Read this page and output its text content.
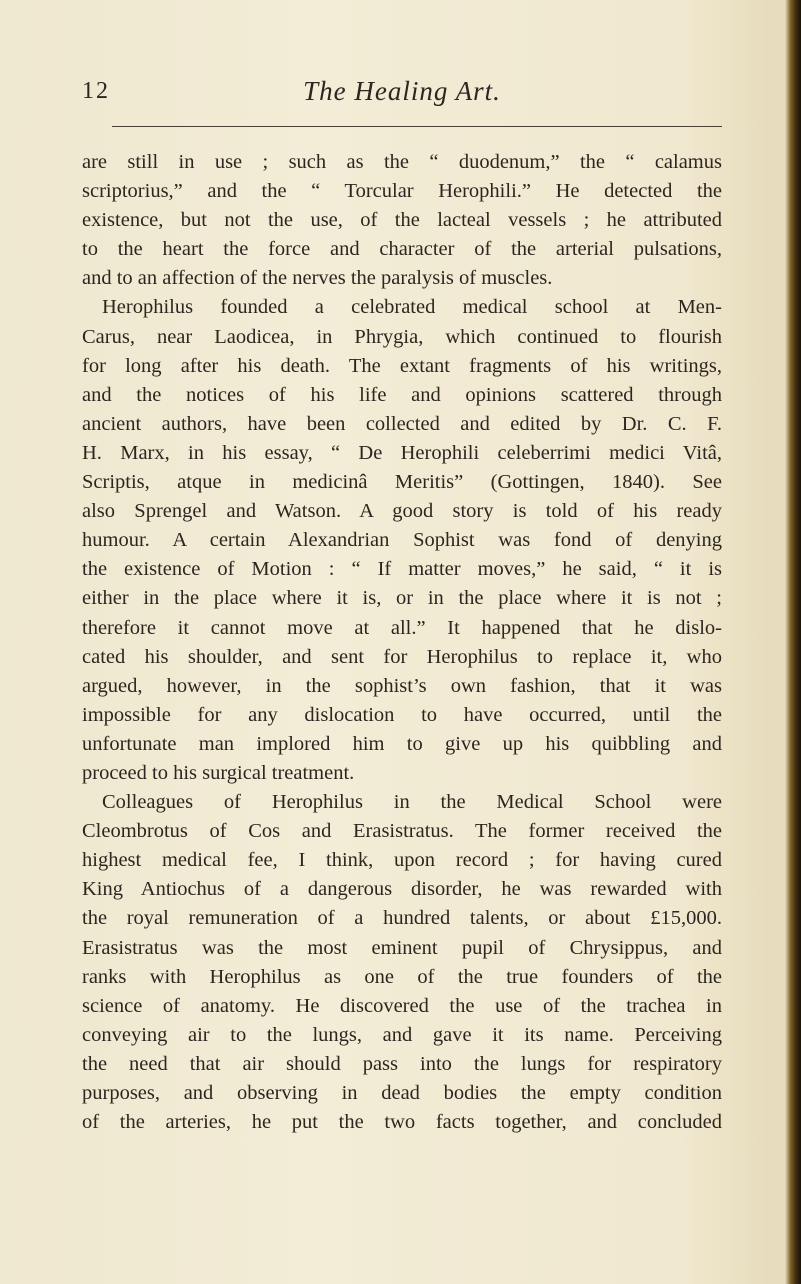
12	The Healing Art.
are still in use ; such as the “ duodenum,” the “ calamus
scriptorius,” and the “ Torcular Herophili.” He detected the
existence, but not the use, of the lacteal vessels ; he attributed
to the heart the force and character of the arterial pulsations,
and to an affection of the nerves the paralysis of muscles.
Herophilus founded a celebrated medical school at Men-
Carus, near Laodicea, in Phrygia, which continued to flourish
for long after his death. The extant fragments of his writings,
and the notices of his life and opinions scattered through
ancient authors, have been collected and edited by Dr. C. F.
H. Marx, in his essay, “ De Herophili celeberrimi medici Vitâ,
Scriptis, atque in medicinâ Meritis” (Gottingen, 1840). See
also Sprengel and Watson. A good story is told of his ready
humour. A certain Alexandrian Sophist was fond of denying
the existence of Motion : “ If matter moves,” he said, “ it is
either in the place where it is, or in the place where it is not ;
therefore it cannot move at all.” It happened that he dislo-
cated his shoulder, and sent for Herophilus to replace it, who
argued, however, in the sophist’s own fashion, that it was
impossible for any dislocation to have occurred, until the
unfortunate man implored him to give up his quibbling and
proceed to his surgical treatment.
Colleagues of Herophilus in the Medical School were
Cleombrotus of Cos and Erasistratus. The former received the
highest medical fee, I think, upon record ; for having cured
King Antiochus of a dangerous disorder, he was rewarded with
the royal remuneration of a hundred talents, or about £15,000.
Erasistratus was the most eminent pupil of Chrysippus, and
ranks with Herophilus as one of the true founders of the
science of anatomy. He discovered the use of the trachea in
conveying air to the lungs, and gave it its name. Perceiving
the need that air should pass into the lungs for respiratory
purposes, and observing in dead bodies the empty condition
of the arteries, he put the two facts together, and concluded
